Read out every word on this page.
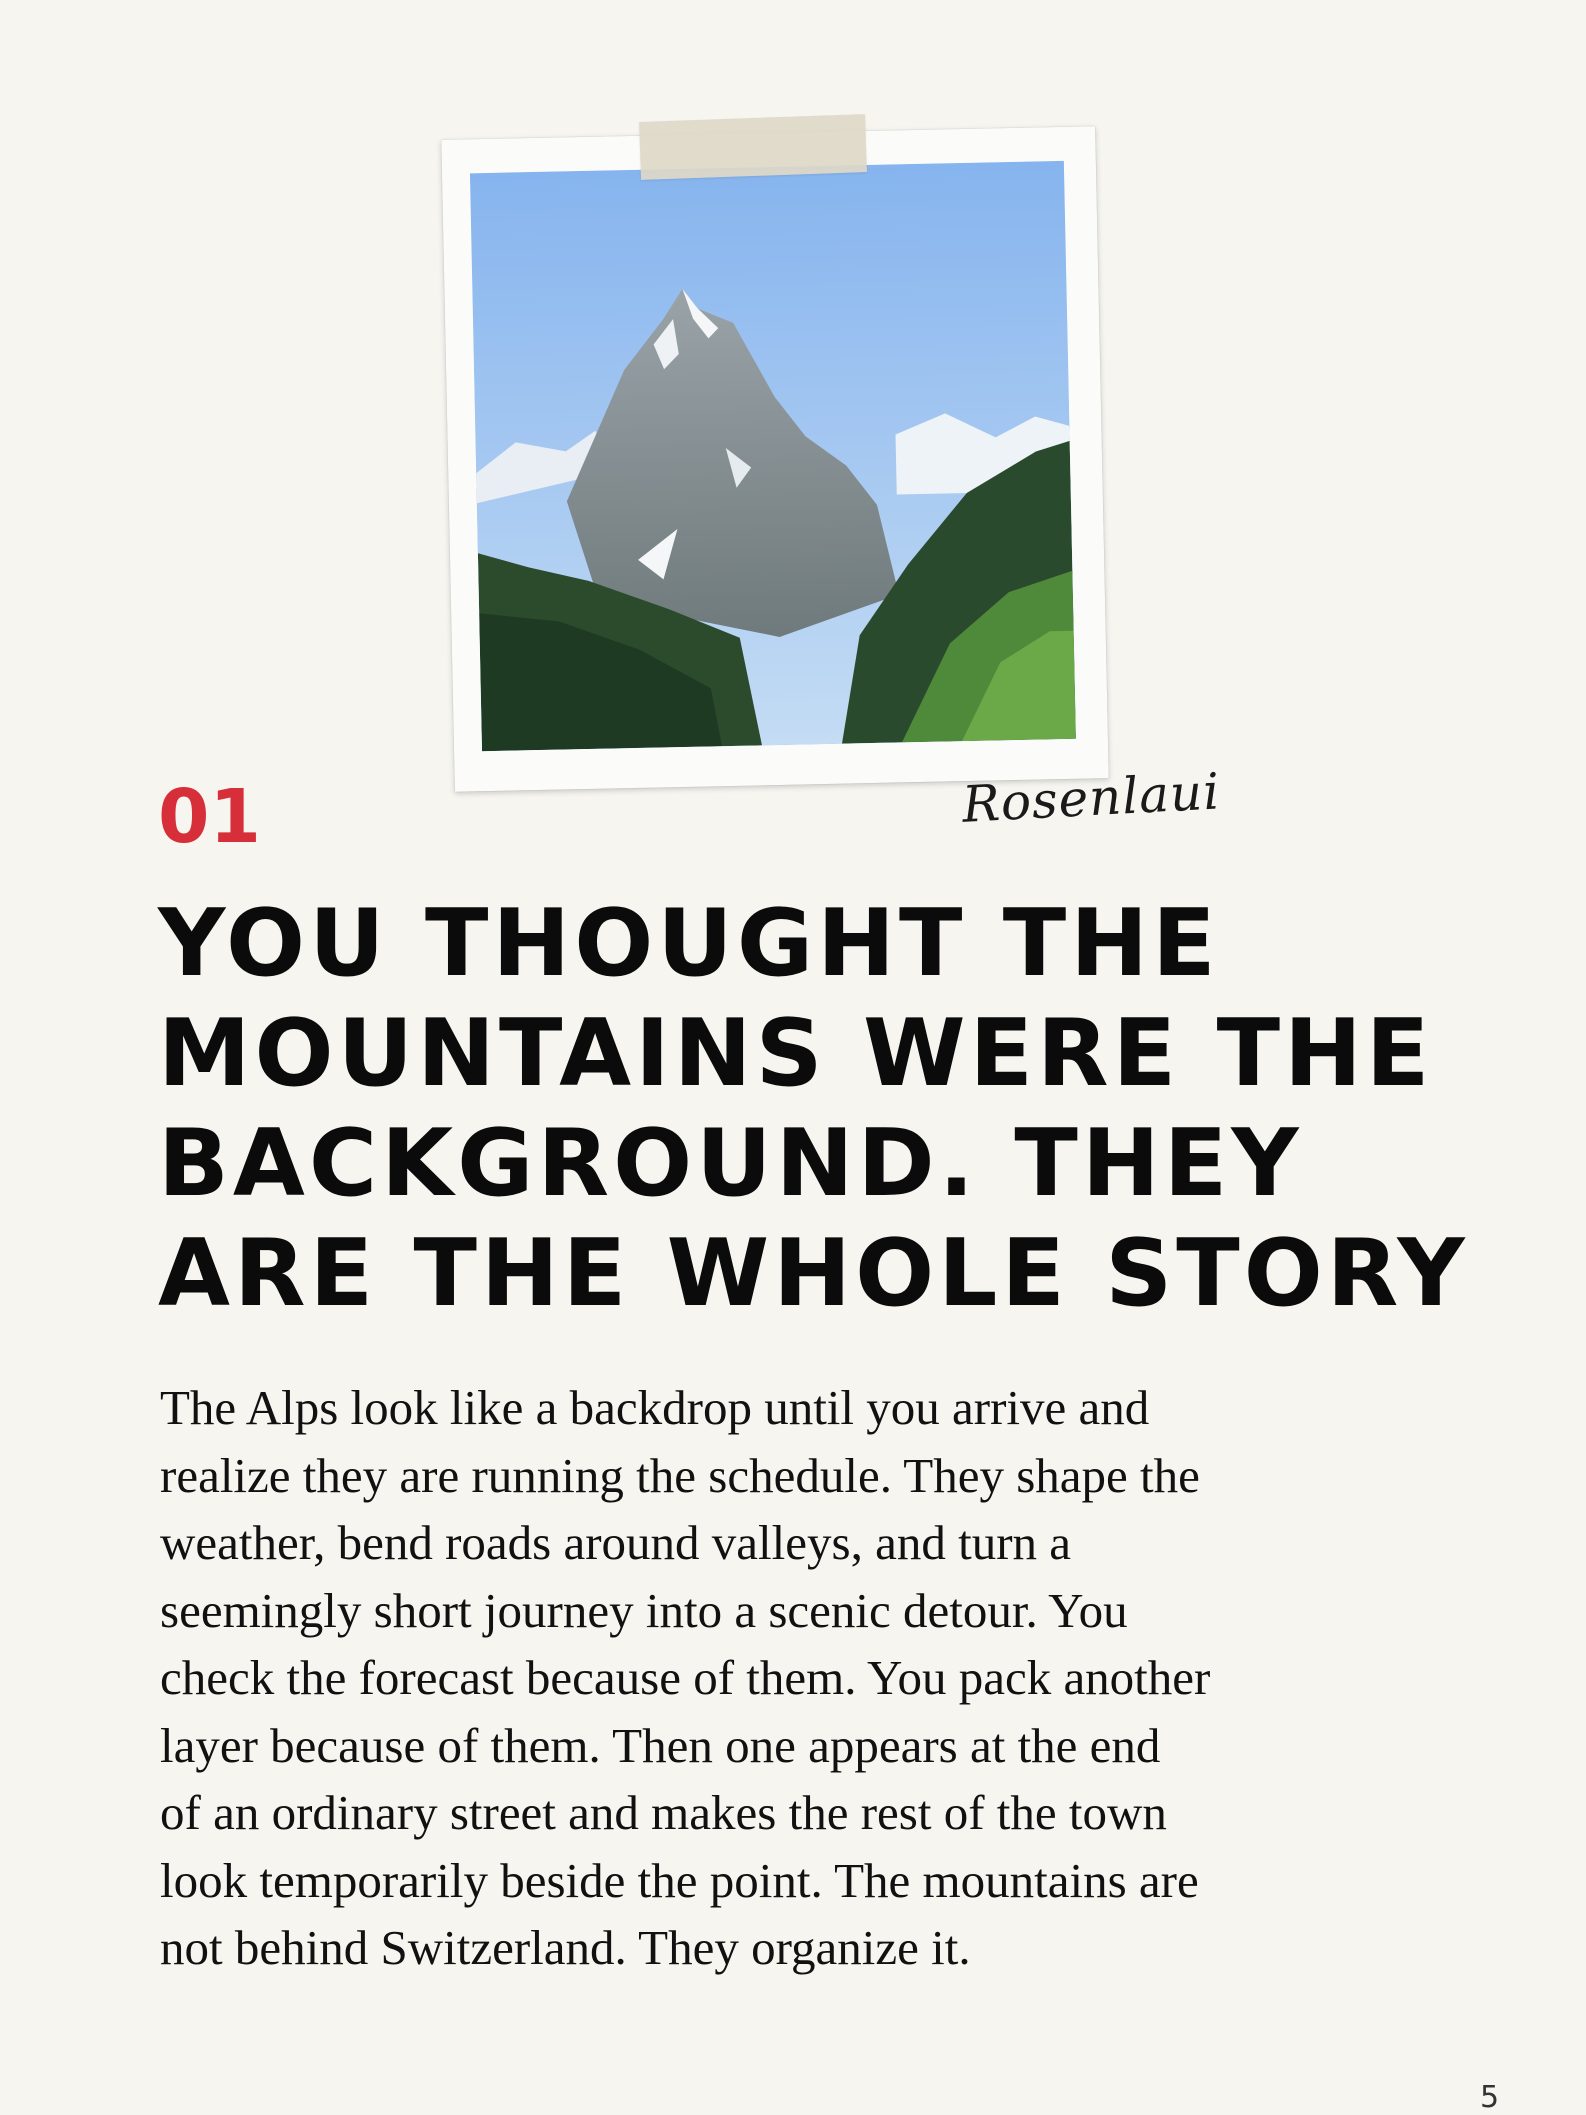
Rosenlaui
01
YOU THOUGHT THE
MOUNTAINS WERE THE
BACKGROUND. THEY
ARE THE WHOLE STORY
The Alps look like a backdrop until you arrive and
realize they are running the schedule. They shape the
weather, bend roads around valleys, and turn a
seemingly short journey into a scenic detour. You
check the forecast because of them. You pack another
layer because of them. Then one appears at the end
of an ordinary street and makes the rest of the town
look temporarily beside the point. The mountains are
not behind Switzerland. They organize it.
5
